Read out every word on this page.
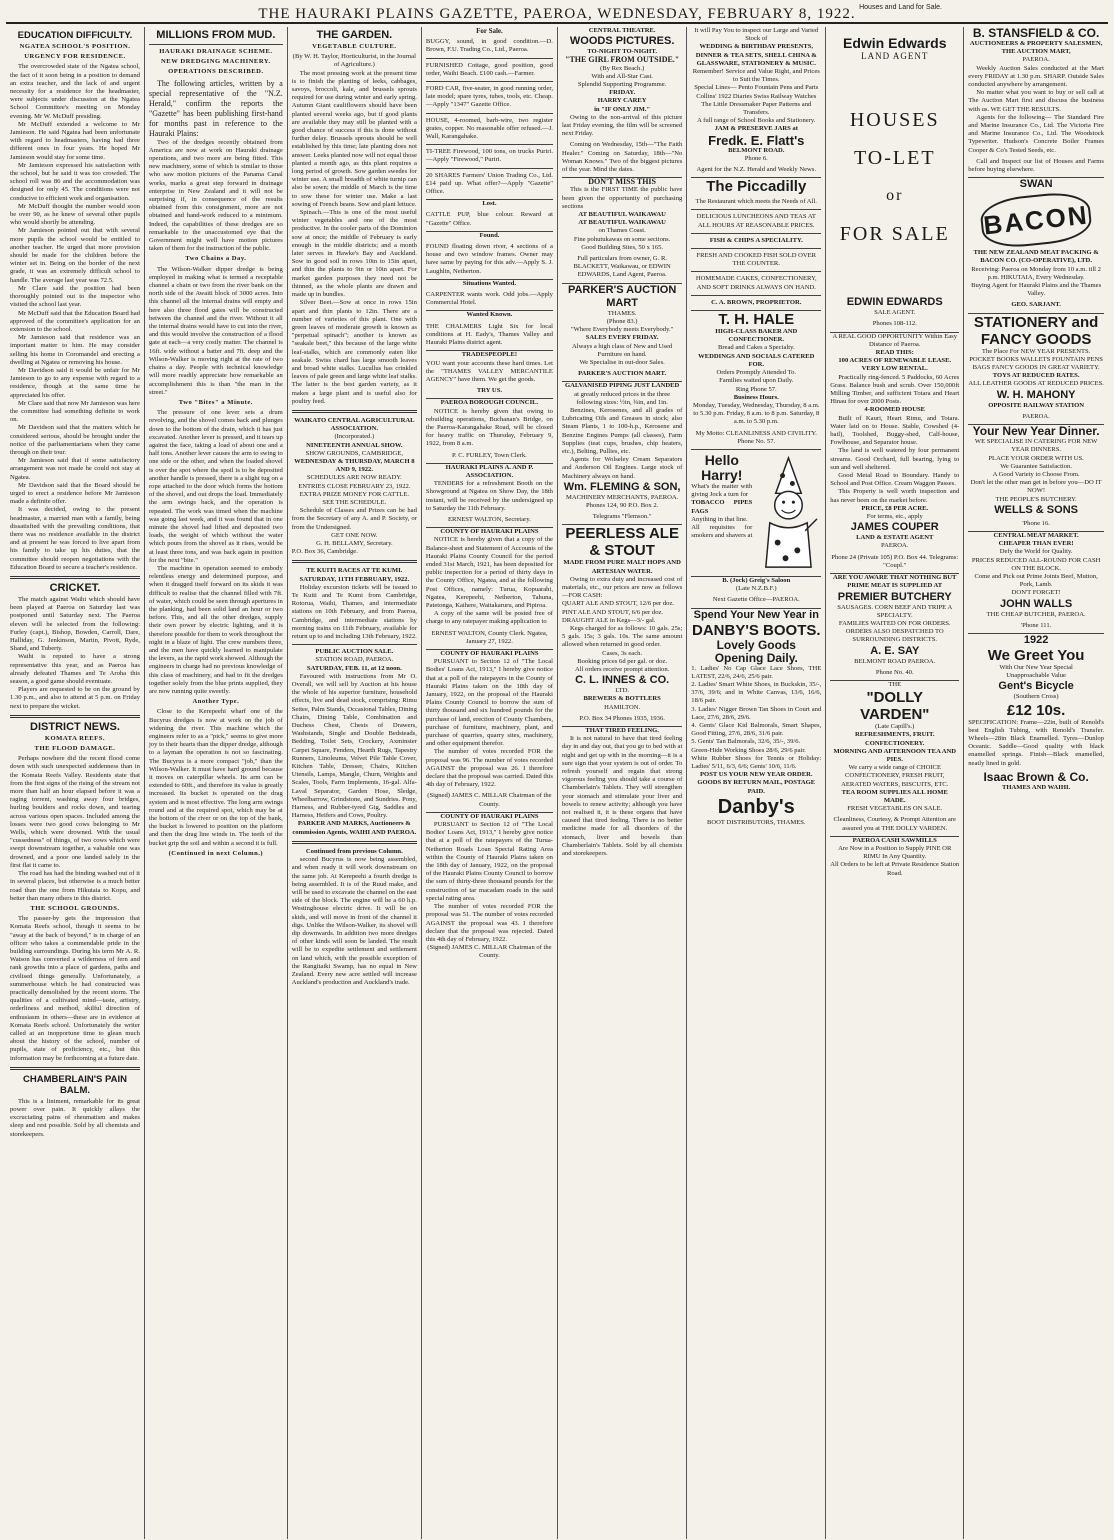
THE HAURAKI PLAINS GAZETTE, PAEROA, WEDNESDAY, FEBRUARY 8, 1922. Houses and Land for Sale.
EDUCATION DIFFICULTY.
NGATEA SCHOOL'S POSITION.
URGENCY FOR RESIDENCE.

The overcrowded state of the Ngatea school, the fact of it soon being in a position to demand an extra teacher, and the lack of and urgent necessity for a residence for the headmaster, were subjects under discussion at the Ngatea School Committee's meeting on Monday evening. Mr W. McDuff presiding.

Mr McDuff extended a welcome to Mr Jamieson. He said Ngatea had been unfortunate with regard to headmasters, having had three different ones in four years. He hoped Mr Jamieson would stay for some time.

Mr Jamieson expressed his satisfaction with the school, but he said it was too crowded. The school roll was 86 and the accommodation was designed for only 45. The conditions were not conducive to efficient work and organisation.

Mr McDuff thought the number would soon be over 90, as he knew of several other pupils who would shortly be attending.

Mr Jamieson pointed out that with several more pupils the school would be entitled to another teacher. He urged that more provision should be made for the children before the winter set in. Being on the border of the next grade, it was an extremely difficult school to handle. The average last year was 72.5.

Mr Clare said the position had been thoroughly pointed out to the inspector who visited the school last year.

Mr McDuff said that the Education Board had approved of the committee's application for an extension to the school.

Mr Jamieson said that residence was an important matter to him. He may consider selling his home in Coromandel and erecting a dwelling at Ngatea or removing his house.

Mr Davidson said it would be unfair for Mr Jamieson to go to any expense with regard to a residence, though at the same time he appreciated his offer.

Mr Clare said that now Mr Jamieson was here the committee had something definite to work on.

Mr Davidson said that the matters which he considered serious, should be brought under the notice of the parliamentarians when they came through on their tour.

Mr Jamieson said that if some satisfactory arrangement was not made he could not stay at Ngatea.

Mr Davidson said that the Board should be urged to erect a residence before Mr Jamieson made a definite offer.

It was decided, owing to the present headmaster, a married man with a family, being dissatisfied with the prevailing conditions, that there was no residence available in the district and at present he was forced to live apart from his family to take up his duties, that the committee should reopen negotiations with the Education Board to secure a teacher's residence.

CRICKET.

The match against Waihi which should have been played at Paeroa on Saturday last was postponed until Saturday next. The Paeroa eleven will be selected from the following: Furley (capt.), Bishop, Bowden, Carroll, Dare, Halliday, G. Jenkinson, Martin, Pivott, Ryde, Shand, and Tuberty.

Waihi is reputed to have a strong representative this year, and as Paeroa has already defeated Thames and Te Aroha this season, a good game should eventuate.

Players are requested to be on the ground by 1.30 p.m., and also to attend at 5 p.m. on Friday next to prepare the wicket.

DISTRICT NEWS.
KOMATA REEFS.
THE FLOOD DAMAGE.

Perhaps nowhere did the recent flood come down with such unexpected suddenness than in the Komata Reefs Valley. Residents state that from the first signs of the rising of the stream not more than half an hour elapsed before it was a raging torrent, washing away four bridges, hurling boulders and rocks down, and tearing across various open spaces. Included among the losses were two good cows belonging to Mr Wells, which were drowned. With the usual "cussedness" of things, of two cows which were swept downstream together, a valuable one was drowned, and a poor one landed safely in the first flat it came to.

The road has had the binding washed out of it in several places, but otherwise is a much better road than the one from Hikutaia to Kopu, and better than many others in this district.

THE SCHOOL GROUNDS.

The passer-by gets the impression that Komata Reefs school, though it seems to be "away at the back of beyond," is in charge of an officer who takes a commendable pride in the building surroundings. During his term Mr A. R. Watson has converted a wilderness of fern and rank growths into a place of gardens, paths and civilised things generally. Unfortunately, a summerhouse which he had constructed was practically demolished by the recent storm. The qualities of a cultivated mind—taste, artistry, orderliness and method, skilful direction of enthusiasm in others—these are in evidence at Komata Reefs school. Unfortunately the writer called at an inopportune time to glean much about the history of the school, number of pupils, state of proficiency, etc., but this information may be forthcoming at a future date.

CHAMBERLAIN'S PAIN BALM.

This is a liniment, remarkable for its great power over pain. It quickly allays the excruciating pains of rheumatism and makes sleep and rest possible. Sold by all chemists and storekeepers.

MILLIONS FROM MUD.
HAURAKI DRAINAGE SCHEME.
NEW DREDGING MACHINERY.
OPERATIONS DESCRIBED.

The following articles, written by a special representative of the "N.Z. Herald," confirm the reports the "Gazette" has been publishing first-hand for months past in reference to the Hauraki Plains:

Two of the dredges recently obtained from America are now at work on Hauraki drainage operations, and two more are being fitted. This new machinery, some of which is similar to those who saw motion pictures of the Panama Canal works, marks a great step forward in drainage enterprise in New Zealand and it will not be surprising if, in consequence of the results obtained from this consignment, more are not obtained and hand-work reduced to a minimum. Indeed, the capabilities of these dredges are so remarkable to the unaccustomed eye that the Government might well have motion pictures taken of them for the instruction of the public.

Two Chains a Day.

The Wilson-Walker dipper dredge is being employed in making what is termed a receptable channel a chain or two from the river bank on the north side of the Awaiti block of 3000 acres. Into this channel all the internal drains will empty and here also three flood gates will be constructed between the channel and the river. Without it all the internal drains would have to cut into the river, and this would involve the construction of a flood gate at each—a very costly matter. The channel is 16ft. wide without a batter and 7ft. deep and the Wilson-Walker is moving right at the rate of two chains a day. People with technical knowledge will more readily appreciate how remarkable an accomplishment this is than "the man in the street."

Two "Bites" a Minute.

The pressure of one lever sets a drum revolving, and the shovel comes back and plunges down to the bottom of the drain, which it has just excavated. Another lever is pressed, and it tears up against the face, taking a load of about one and a half tons. Another lever causes the arm to swing to one side or the other, and when the loaded shovel is over the spot where the spoil is to be deposited another handle is pressed, there is a slight tug on a rope attached to the door which forms the bottom of the shovel, and out drops the load. Immediately the arm swings back, and the operation is repeated. The work was timed when the machine was going last week, and it was found that in one minute the shovel had lifted and deposited two loads, the weight of which without the water which pours from the shovel as it rises, would be at least three tons, and was back again in position for the next "bite."

The machine in operation seemed to embody relentless energy and determined purpose, and when it dragged itself forward on its skids it was difficult to realise that the channel filled with 7ft. of water, which could be seen through apertures in the planking, had been solid land an hour or two before. This, and all the other dredges, supply their own power by electric lighting, and it is therefore possible for them to work throughout the night in a blaze of light. The crew numbers three, and the men have quickly learned to manipulate the levers, as the rapid work showed. Although the engineers in charge had no previous knowledge of this class of machinery, and had to fit the dredges together solely from the blue prints supplied, they are now running quite sweetly.

Another Type.

Close to the Kerepeehi wharf one of the Bucyrus dredges is now at work on the job of widening the river. This machine which the engineers refer to as a "pick," seems to give more joy to their hearts than the dipper dredge, although to a layman the operation is not so fascinating. The Bucyrus is a more compact "job," than the Wilson-Walker. It must have hard ground because it moves on caterpillar wheels. Its arm can be extended to 60ft., and therefore its value is greatly increased. Its bucket is operated on the drag system and is most effective. The long arm swings round and at the required spot, which may be at the bottom of the river or on the top of the bank, the bucket is lowered to position on the platform and then the drag line winds in. The teeth of the bucket grip the soil and within a second it is full.

(Continued in next Column.)
THE GARDEN.
VEGETABLE CULTURE.
(By W. H. Taylor, Horticulturist, in the Journal of Agriculture.)

The most pressing work at the present time is to finish the planting of leeks, cabbages, savoys, broccoli, kale, and brussels sprouts required for use during winter and early spring. Autumn Giant cauliflowers should have been planted several weeks ago, but if good plants are available they may still be planted with a good chance of success if this is done without further delay. Brussels sprouts should be well established by this time; late planting does not answer. Leeks planted now will not equal those planted a month ago, as this plant requires a long period of growth. Sow garden swedes for winter use. A small breadth of white turnip can also be sown; the middle of March is the time to sow these for winter use. Make a last sowing of French beans. Sow and plant lettuce.

Spinach.—This is one of the most useful winter vegetables and one of the most productive. In the cooler parts of the Dominion sow at once; the middle of February is early enough in the middle districts; and a month later serves in Hawke's Bay and Auckland. Sow in good soil in rows 10in to 15in apart, and thin the plants to 9in or 10in apart. For market garden purposes they need not be thinned, as the whole plants are drawn and made up in bundles.

Silver Beet.—Sow at once in rows 15in apart and thin plants to 12in. There are a number of varieties of this plant. One with green leaves of moderate growth is known as "perpetual spinach"; another is known as "seakale beet," this because of the large white leaf-stalks, which are commonly eaten like seakale. Swiss chard has large smooth leaves and broad white stalks. Lucullus has crinkled leaves of pale green and large white leaf stalks. The latter is the best garden variety, as it makes a large plant and is useful also for poultry feed.

WAIKATO CENTRAL AGRICULTURAL ASSOCIATION.
(Incorporated.)
NINETEENTH ANNUAL SHOW.
SHOW GROUNDS, CAMBRIDGE,
WEDNESDAY & THURSDAY, MARCH 8 AND 9, 1922.
SCHEDULES ARE NOW READY.
ENTRIES CLOSE FEBRUARY 23, 1922.
EXTRA PRIZE MONEY FOR CATTLE.
SEE THE SCHEDULE.

Schedule of Classes and Prizes can be had from the Secretary of any A. and P. Society, or from the Undersigned.

GET ONE NOW.
G. H. BELLAMY, Secretary.
P.O. Box 36, Cambridge.
TE KUITI RACES AT TE KUMI.
SATURDAY, 11TH FEBRUARY, 1922.

Holiday excursion tickets will be issued to Te Kuiti and Te Kumi from Cambridge, Rotorua, Waihi, Thames, and intermediate stations on 10th February, and from Paeroa, Cambridge, and intermediate stations by morning trains on 11th February, available for return up to and including 13th February, 1922.

PUBLIC AUCTION SALE.
STATION ROAD, PAEROA.
SATURDAY, FEB. 11, at 12 noon.

Favoured with instructions from Mr O. Overall, we will sell by Auction at his house the whole of his superior furniture, household effects, live and dead stock, comprising: Rimu Settee, Palm Stands, Occasional Tables, Dining Chairs, Dining Table, Combination and Duchess Chest, Chests of Drawers, Washstands, Single and Double Bedsteads, Bedding, Toilet Sets, Crockery, Axminster Carpet Square, Fenders, Hearth Rugs, Tapestry Runners, Linoleums, Velvet Pile Table Cover, Kitchen Table, Dresser, Chairs, Kitchen Utensils, Lamps, Mangle, Churn, Weights and Scales, Tools, Farm Implements, 16-gal. Alfa-Laval Separator, Garden Hose, Sledge, Wheelbarrow, Grindstone, and Sundries. Pony, Harness, and Rubber-tyred Gig, Saddles and Harness, Heifers and Cows, Poultry.

PARKER AND MARKS, Auctioneers & commission Agents, WAIHI AND PAEROA.
Continued from previous Column.

second Bucyrus is now being assembled, and when ready it will work downstream on the same job. At Kerepeehi a fourth dredge is being assembled. It is of the Ruud make, and will be used to excavate the channel on the east side of the block. The engine will be a 60 h.p. Westinghouse electric drive. It will be on skids, and will move in front of the channel it digs. Unlike the Wilson-Walker, its shovel will dip downwards. In addition two more dredges of other kinds will soon be landed. The result will be to expedite settlement and settlement on land which, with the possible exception of the Rangitaiki Swamp, has no equal in New Zealand. Every new acre settled will increase Auckland's production and Auckland's trade.

For Sale.
BUGGY, sound, in good condition.—D. Brown, F.U. Trading Co., Ltd., Paeroa.
FURNISHED Cottage, good position, good order, Waihi Beach. £100 cash.—Farmer.
FORD CAR, five-seater, in good running order, late model; spare tyres, tubes, tools, etc. Cheap.—Apply "1347" Gazette Office.
HOUSE, 4-roomed, barb-wire, two register grates, copper. No reasonable offer refused.—J. Wall, Karangahake.
TI-TREE Firewood, 100 tons, on trucks Puriri.—Apply "Firewood," Puriri.
20 SHARES Farmers' Union Trading Co., Ltd. £14 paid up. What offer?—Apply "Gazette" Office.
Lost.
CATTLE PUP, blue colour. Reward at "Gazette" Office.
Found.
FOUND floating down river, 4 sections of a house and two window frames. Owner may have same by paying for this adv.—Apply S. J. Laughlin, Netherton.
Situations Wanted.
CARPENTER wants work. Odd jobs.—Apply Commercial Hotel.
Wanted Known.
THE CHALMERS Light Six for local conditions at H. Eady's, Thames Valley and Hauraki Plains district agent.
TRADESPEOPLE!
YOU want your accounts these hard times. Let the "THAMES VALLEY MERCANTILE AGENCY" have them. We get the goods.
TRY US.
PAEROA BOROUGH COUNCIL.

NOTICE is hereby given that owing to rebuilding operations, Buchanan's Bridge, on the Paeroa-Karangahake Road, will be closed for heavy traffic on Thursday, February 9, 1922, from 8 a.m.

P. C. FURLEY, Town Clerk.
HAURAKI PLAINS A. AND P. ASSOCIATION.

TENDERS for a refreshment Booth on the Showground at Ngatea on Show Day, the 18th instant, will be received by the undersigned up to Saturday the 11th February.

ERNEST WALTON, Secretary.
COUNTY OF HAURAKI PLAINS

NOTICE is hereby given that a copy of the Balance-sheet and Statement of Accounts of the Hauraki Plains County Council for the period ended 31st March, 1921, has been deposited for public inspection for a period of thirty days in the County Office, Ngatea, and at the following Post Offices, namely: Turua, Kopuarahi, Ngatea, Kerepeehi, Netherton, Tahuna, Patetonga, Kaihere, Waitakaruru, and Pipiroa.

A copy of the same will be posted free of charge to any ratepayer making application to

ERNEST WALTON, County Clerk. Ngatea, January 27, 1922.
COUNTY OF HAURAKI PLAINS

PURSUANT to Section 12 of "The Local Bodies' Loans Act, 1913," I hereby give notice that at a poll of the ratepayers in the County of Hauraki Plains taken on the 18th day of January, 1922, on the proposal of the Hauraki Plains County Council to borrow the sum of thirty thousand and six hundred pounds for the purchase of land, erection of County Chambers, purchase of furniture, machinery, plant, and purchase of quarries, quarry sites, machinery, and other equipment therefor.

The number of votes recorded FOR the proposal was 96. The number of votes recorded AGAINST the proposal was 26. I therefore declare that the proposal was carried. Dated this 4th day of February, 1922.

(Signed) JAMES C. MILLAR Chairman of the County.
COUNTY OF HAURAKI PLAINS

PURSUANT to Section 12 of "The Local Bodies' Loans Act, 1913," I hereby give notice that at a poll of the ratepayers of the Turua-Netherton Roads Loan Special Rating Area within the County of Hauraki Plains taken on the 18th day of January, 1922, on the proposal of the Hauraki Plains County Council to borrow the sum of thirty-three thousand pounds for the construction of tar macadam roads in the said special rating area.

The number of votes recorded FOR the proposal was 51. The number of votes recorded AGAINST the proposal was 43. I therefore declare that the proposal was rejected. Dated this 4th day of February, 1922.

(Signed) JAMES C. MILLAR Chairman of the County.
CENTRAL THEATRE.
WOODS PICTURES.
TO-NIGHT TO-NIGHT.
"THE GIRL FROM OUTSIDE."
(By Rex Beach.)
With and All-Star Cast.
Splendid Supporting Programme.
FRIDAY.
HARRY CAREY
in "IF ONLY JIM."

Owing to the non-arrival of this picture last Friday evening, the film will be screened next Friday.

Coming on Wednesday, 15th—"The Faith Healer." Coming on Saturday, 18th—"No Woman Knows." Two of the biggest pictures of the year. Mind the dates.

DON'T MISS THIS

This is the FIRST TIME the public have been given the opportunity of purchasing sections

AT BEAUTIFUL WAIKAWAU
AT BEAUTIFUL WAIKAWAU
on Thames Coast.
Fine pohutukawas on some sections.
Good Building Sites, 50 x 165.
Full particulars from owner, G. R. BLACKETT, Waikawau, or EDWIN EDWARDS, Land Agent, Paeroa.
PARKER'S AUCTION MART
THAMES.
(Phone 83.)
"Where Everybody meets Everybody."
SALES EVERY FRIDAY.
Always a high class of New and Used Furniture on hand.
We Specialise in out-door Sales.
PARKER'S AUCTION MART.
GALVANISED PIPING JUST LANDED
at greatly reduced prices in the three following sizes: ½in, ¾in, and 1in.

Benzines, Kerosenes, and all grades of Lubricating Oils and Greases in stock; also Steam Plants, 1 to 100-h.p., Kerosene and Benzine Engines Pumps (all classes), Farm Supplies (teat cups, brushes, chip heaters, etc.), Belting, Pullies, etc.

Agents for Wolseley Cream Separators and Anderson Oil Engines. Large stock of Machinery always on hand.

Wm. FLEMING & SON,
MACHINERY MERCHANTS, PAEROA.
Phones 124, 90 P.O. Box 2.
Telegrams "Flemson."
PEERLESS ALE & STOUT
MADE FROM PURE MALT HOPS AND ARTESIAN WATER.

Owing to extra duty and increased cost of materials, etc., our prices are now as follows—FOR CASH:

QUART ALE AND STOUT, 12/6 per doz.
PINT ALE AND STOUT, 6/6 per doz.
DRAUGHT ALE in Kegs—3/- gal.

Kegs charged for as follows: 10 gals. 25s; 5 gals. 15s; 3 gals. 10s. The same amount allowed when returned in good order.

Cases, 3s each.
Booking prices 6d per gal. or doz.
All orders receive prompt attention.
C. L. INNES & CO.
LTD.
BREWERS & BOTTLERS
HAMILTON.
P.O. Box 34 Phones 1935, 1936.
THAT TIRED FEELING.

It is not natural to have that tired feeling day in and day out, that you go to bed with at night and get up with in the morning—it is a sure sign that your system is out of order. To refresh yourself and regain that strong vigorous feeling you should take a course of Chamberlain's Tablets. They will strengthen your stomach and stimulate your liver and bowels to renew activity; although you have not realised it, it is these organs that have caused that tired feeling. There is no better medicine made for all disorders of the stomach, liver and bowels than Chamberlain's Tablets. Sold by all chemists and storekeepers.

It will Pay You to inspect our Large and Varied Stock of
WEDDING & BIRTHDAY PRESENTS, DINNER & TEA SETS, SHELL CHINA & GLASSWARE, STATIONERY & MUSIC.
Remember! Service and Value Right, and Prices to Suit the Times.
Special Lines— Pento Fountain Pens and Parts Collins' 1922 Diaries Swiss Railway Watches The Little Dressmaker Paper Patterns and Transfers.
A full range of School Books and Stationery.
JAM & PRESERVE JARS at
Fredk. E. Flatt's
BELMONT ROAD.
Phone 6.
Agent for the N.Z. Herald and Weekly News.
The Piccadilly
The Restaurant which meets the Needs of All.
DELICIOUS LUNCHEONS AND TEAS AT ALL HOURS AT REASONABLE PRICES.
FISH & CHIPS A SPECIALITY.
FRESH AND COOKED FISH SOLD OVER THE COUNTER.
HOMEMADE CAKES, CONFECTIONERY, AND SOFT DRINKS ALWAYS ON HAND.
C. A. BROWN, PROPRIETOR.
T. H. HALE
HIGH-CLASS BAKER AND CONFECTIONER.
Bread and Cakes a Specialty.
WEDDINGS AND SOCIALS CATERED FOR.
Orders Promptly Attended To.
Families waited upon Daily.
Ring Phone 57.
Business Hours.
Monday, Tuesday, Wednesday, Thursday, 8 a.m. to 5.30 p.m. Friday, 8 a.m. to 8 p.m. Saturday, 8 a.m. to 5.30 p.m.
My Motto: CLEANLINESS AND CIVILITY. Phone No. 57.
Hello Harry!
What's the matter with giving Jock a turn for
TOBACCO PIPES FAGS
Anything in that line.
All requisites for smokers and shavers at
B. (Jock) Greig's Saloon
(Late N.Z.B.F.)
Next Gazette Office—PAEROA.
Spend Your New Year in
DANBY'S BOOTS.
Lovely Goods Opening Daily.
1. Ladies' No Cap Glace Lace Shoes, THE LATEST, 22/6, 24/6, 25/6 pair.
2. Ladies' Smart White Shoes, in Buckskin, 35/-, 37/6, 39/6; and in White Canvas, 13/6, 16/6, 18/6 pair.
3. Ladies' Nigger Brown Tan Shoes in Court and Lace, 27/6, 28/6, 29/6.
4. Gents' Glace Kid Balmorals, Smart Shapes, Good Fitting, 27/6, 28/6, 31/6 pair.
5. Gents' Tan Balmorals, 32/6, 35/-, 39/6.
Green-Hide Working Shoes 28/6, 29/6 pair.
White Rubber Shoes for Tennis or Holiday: Ladies' 5/11, 6/3, 6/6; Gents' 10/6, 11/6.
POST US YOUR NEW YEAR ORDER.
GOODS BY RETURN MAIL, POSTAGE PAID.
Danby's
BOOT DISTRIBUTORS, THAMES.
Edwin Edwards
LAND AGENT
HOUSES
TO-LET
or
FOR SALE
EDWIN EDWARDS
SALE AGENT.
Phones 108-112.
A REAL GOOD OPPORTUNITY Within Easy Distance of Paeroa.
READ THIS:
100 ACRES OF RENEWABLE LEASE. VERY LOW RENTAL.

Practically ring-fenced. 5 Paddocks, 60 Acres Grass. Balance bush and scrub. Over 150,000ft Milling Timber, and sufficient Totara and Heart Hinau for over 2000 Posts.

4-ROOMED HOUSE

Built of Kauri, Heart Rimu, and Totara. Water laid on to House. Stable, Cowshed (4-bail), Toolshed, Buggy-shed, Calf-house, Fowlhouse, and Separator house.

The land is well watered by four permanent streams. Good Orchard, full bearing, lying to sun and well sheltered.

Good Metal Road to Boundary. Handy to School and Post Office. Cream Waggon Passes.

This Property is well worth inspection and has never been on the market before.

PRICE, £8 PER ACRE.
For terms, etc., apply
JAMES COUPER
LAND & ESTATE AGENT
PAEROA.
Phone 24 (Private 105) P.O. Box 44. Telegrams: "Coupl."
ARE YOU AWARE THAT NOTHING BUT PRIME MEAT IS SUPPLIED AT
PREMIER BUTCHERY
SAUSAGES. CORN BEEF AND TRIPE A SPECIALTY.
FAMILIES WAITED ON FOR ORDERS.
ORDERS ALSO DESPATCHED TO SURROUNDING DISTRICTS.
A. E. SAY
BELMONT ROAD PAEROA.
Phone No. 40.
THE
"DOLLY VARDEN"
(Late Capill's.)
REFRESHMENTS, FRUIT. CONFECTIONERY.
MORNING AND AFTERNOON TEA AND PIES.
We carry a wide range of CHOICE CONFECTIONERY, FRESH FRUIT, AERATED WATERS, BISCUITS, ETC.
TEA ROOM SUPPLIES ALL HOME MADE.
FRESH VEGETABLES ON SALE.
Cleanliness, Courtesy, & Prompt Attention are assured you at THE DOLLY VARDEN.
PAEROA CASH SAWMILLS
Are Now in a Position to Supply PINE OR RIMU In Any Quantity.
All Orders to be left at Private Residence Station Road.
B. STANSFIELD & CO.
AUCTIONEERS & PROPERTY SALESMEN,
THE AUCTION MART,
PAEROA.

Weekly Auction Sales conducted at the Mart every FRIDAY at 1.30 p.m. SHARP. Outside Sales conducted anywhere by arrangement.

No matter what you want to buy or sell call at The Auction Mart first and discuss the business with us. WE GET THE RESULTS.

Agents for the following— The Standard Fire and Marine Insurance Co., Ltd. The Victoria Fire and Marine Insurance Co., Ltd. The Woodstock Typewriter. Hudson's Concrete Boiler Frames Cooper & Co's Tested Seeds, etc.

Call and Inspect our list of Houses and Farms before buying elsewhere.

SWAN
BACON
THE NEW ZEALAND MEAT PACKING & BACON CO. (CO-OPERATIVE), LTD.
Receiving: Paeroa on Monday from 10 a.m. till 2 p.m. HIKUTAIA, Every Wednesday.
Buying Agent for Hauraki Plains and the Thames Valley.
GEO. SARJANT.
STATIONERY and FANCY GOODS
The Place For NEW YEAR PRESENTS.
POCKET BOOKS WALLETS FOUNTAIN PENS BAGS FANCY GOODS IN GREAT VARIETY.
TOYS AT REDUCED RATES.
ALL LEATHER GOODS AT REDUCED PRICES.
W. H. MAHONY
OPPOSITE RAILWAY STATION
PAEROA.
Your New Year Dinner.
WE SPECIALISE IN CATERING FOR NEW YEAR DINNERS.
PLACE YOUR ORDER WITH US.
We Guarantee Satisfaction.
A Good Variety to Choose From.
Don't let the other man get in before you—DO IT NOW!
THE PEOPLE'S BUTCHERY.
WELLS & SONS
'Phone 16.
CENTRAL MEAT MARKET.
CHEAPER THAN EVER!
Defy the World for Quality.
PRICES REDUCED ALL-ROUND FOR CASH ON THE BLOCK.
Come and Pick out Prime Joints Beef, Mutton, Pork, Lamb.
DON'T FORGET!
JOHN WALLS
THE CHEAP BUTCHER, PAEROA.
'Phone 111.
1922
We Greet You
With Our New Year Special
Unapproachable Value
Gent's Bicycle
(Southern Cross)
£12 10s.

SPECIFICATION: Frame—22in, built of Renold's best English Tubing, with Renold's Transfer. Wheels—28in Black Enamelled. Tyres—Dunlop Oceanic. Saddle—Good quality with black enamelled springs. Finish—Black enamelled, neatly lined in gold.

Isaac Brown & Co.
THAMES AND WAIHI.
